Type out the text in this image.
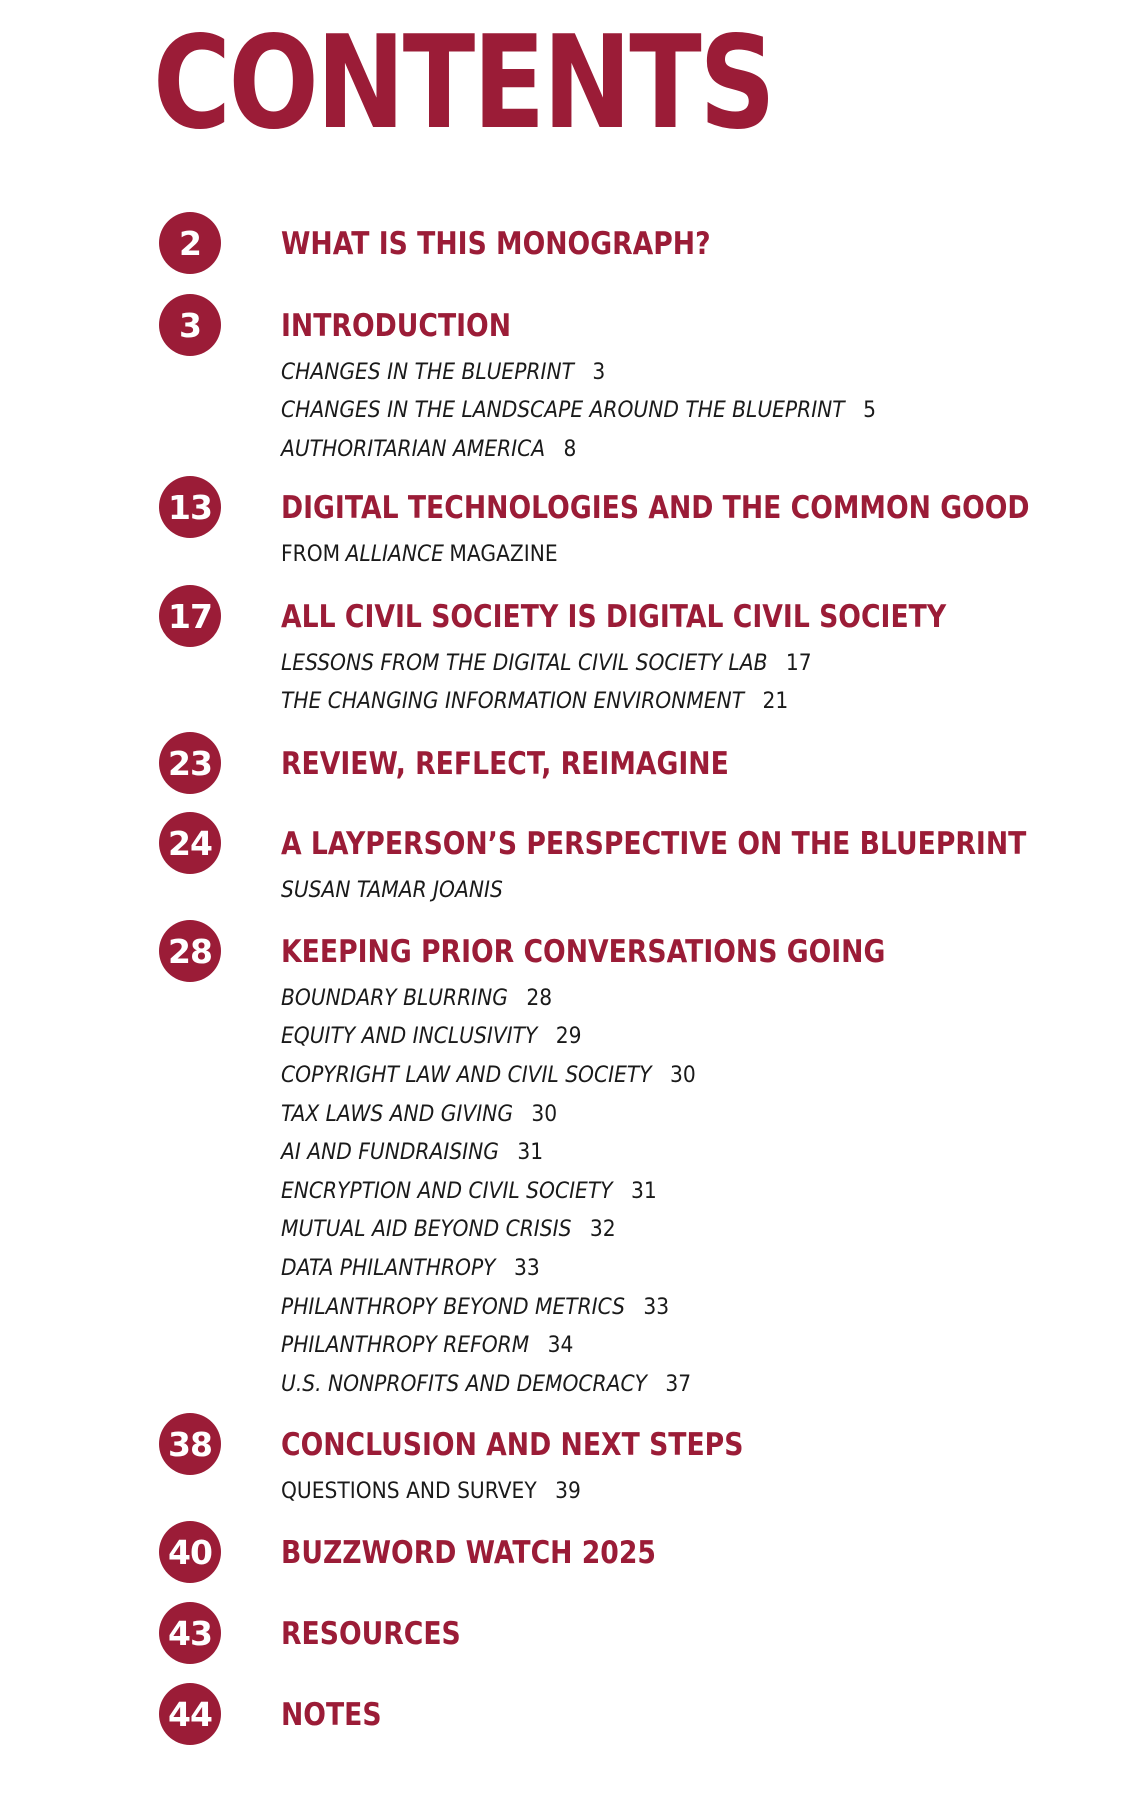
CONTENTS
2	WHAT IS THIS MONOGRAPH?
3	INTRODUCTION
CHANGES IN THE BLUEPRINT 3
CHANGES IN THE LANDSCAPE AROUND THE BLUEPRINT 5
AUTHORITARIAN AMERICA 8
13 DIGITAL TECHNOLOGIES AND THE COMMON GOOD
FROM ALLIANCE MAGAZINE
17 ALL CIVIL SOCIETY IS DIGITAL CIVIL SOCIETY
LESSONS FROM THE DIGITAL CIVIL SOCIETY LAB 17
THE CHANGING INFORMATION ENVIRONMENT 21
23 REVIEW, REFLECT, REIMAGINE
24 A LAYPERSON’S PERSPECTIVE ON THE BLUEPRINT
SUSAN TAMAR JOANIS
28 KEEPING PRIOR CONVERSATIONS GOING
BOUNDARY BLURRING 28
EQUITY AND INCLUSIVITY 29
COPYRIGHT LAW AND CIVIL SOCIETY 30
TAX LAWS AND GIVING 30
AI AND FUNDRAISING 31
ENCRYPTION AND CIVIL SOCIETY 31
MUTUAL AID BEYOND CRISIS 32
DATA PHILANTHROPY 33
PHILANTHROPY BEYOND METRICS 33
PHILANTHROPY REFORM 34
U.S. NONPROFITS AND DEMOCRACY 37
38 CONCLUSION AND NEXT STEPS
QUESTIONS AND SURVEY 39
40 BUZZWORD WATCH 2025
43 RESOURCES
44 NOTES
